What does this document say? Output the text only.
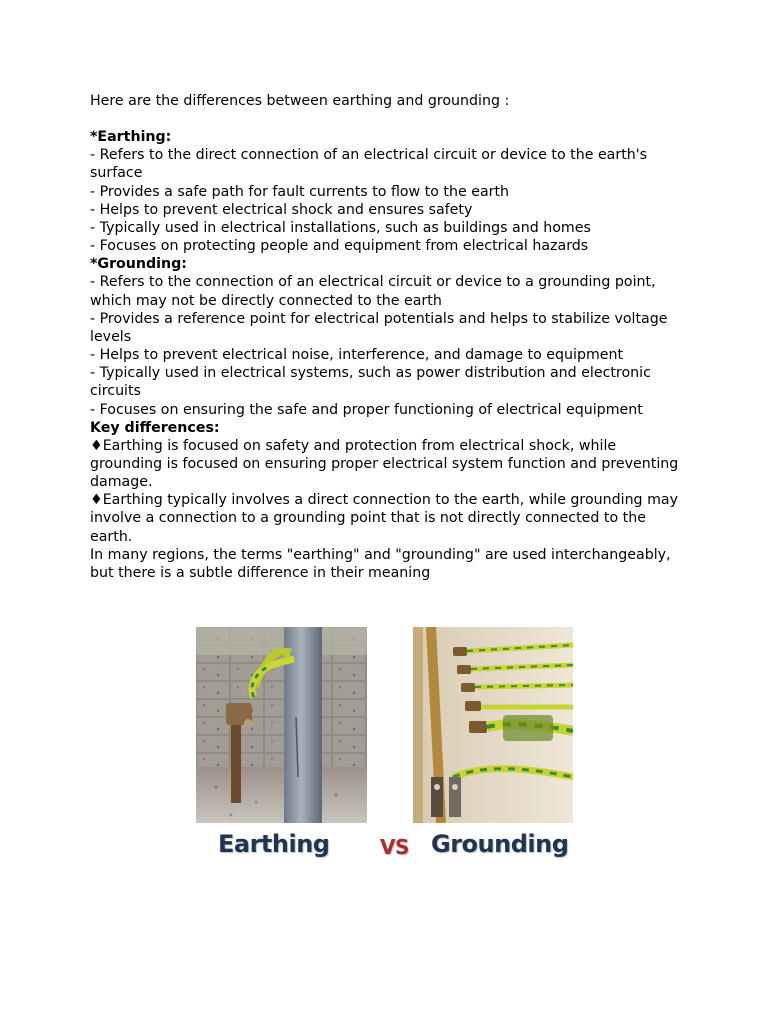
Here are the differences between earthing and grounding :

*Earthing:

- Refers to the direct connection of an electrical circuit or device to the earth's surface

- Provides a safe path for fault currents to flow to the earth

- Helps to prevent electrical shock and ensures safety

- Typically used in electrical installations, such as buildings and homes

- Focuses on protecting people and equipment from electrical hazards

*Grounding:

- Refers to the connection of an electrical circuit or device to a grounding point, which may not be directly connected to the earth

- Provides a reference point for electrical potentials and helps to stabilize voltage levels

- Helps to prevent electrical noise, interference, and damage to equipment

- Typically used in electrical systems, such as power distribution and electronic circuits

- Focuses on ensuring the safe and proper functioning of electrical equipment

Key differences:

♦Earthing is focused on safety and protection from electrical shock, while grounding is focused on ensuring proper electrical system function and preventing damage.

♦Earthing typically involves a direct connection to the earth, while grounding may involve a connection to a grounding point that is not directly connected to the earth.

In many regions, the terms "earthing" and "grounding" are used interchangeably, but there is a subtle difference in their meaning

Earthing	VS Grounding
